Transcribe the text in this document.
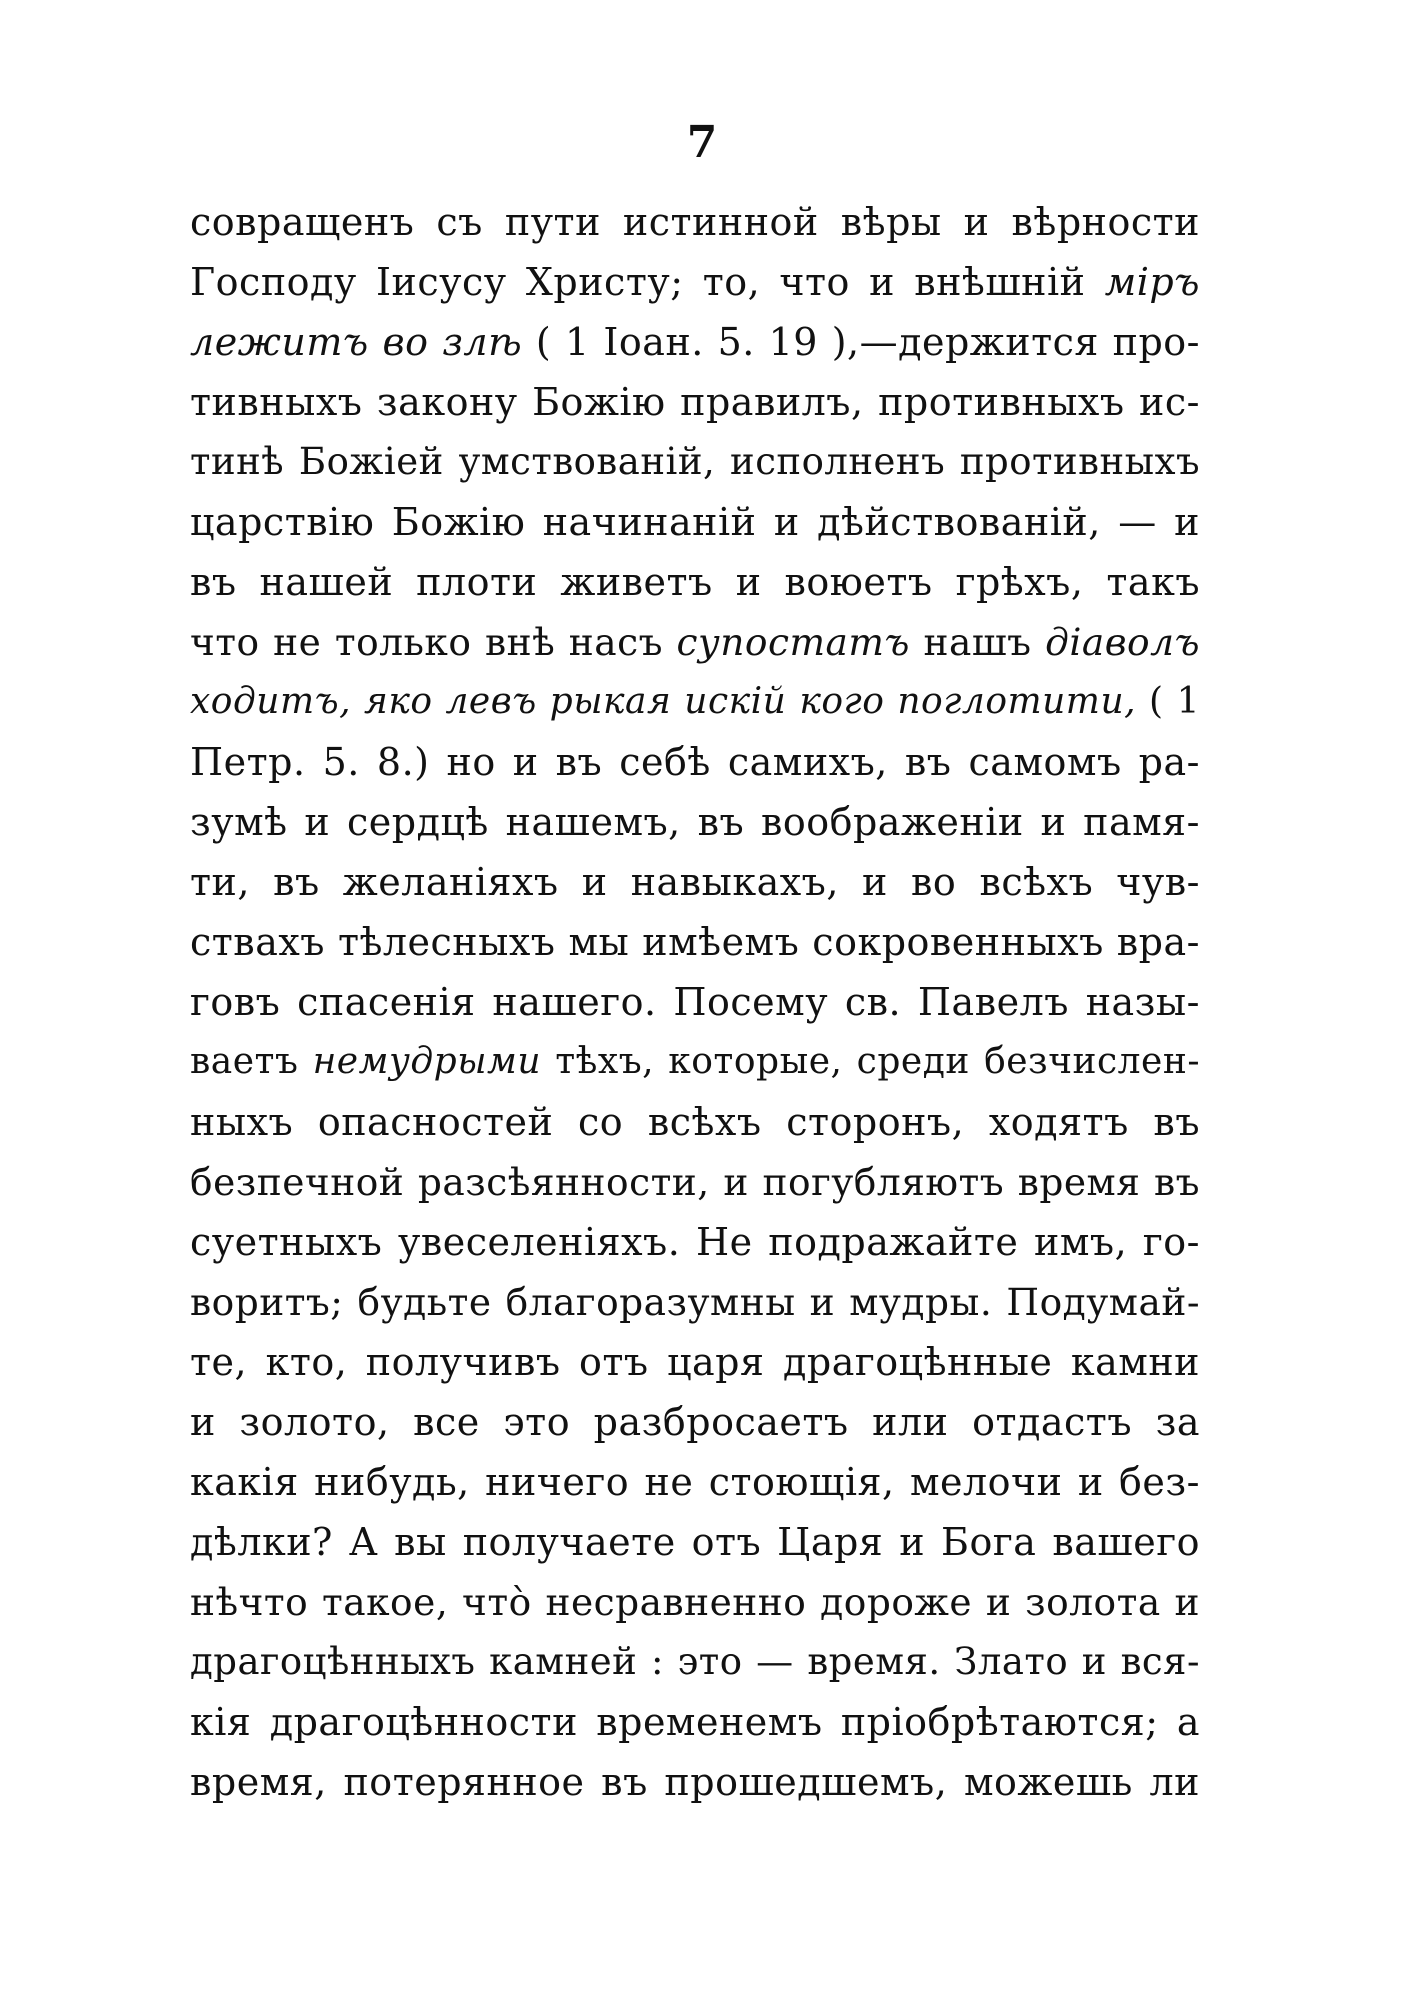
7
совращенъ съ пути истинной вѣры и вѣрности
Господу Іисусу Христу; то, что и внѣшній міръ
лежитъ во злѣ ( 1 Іоан. 5. 19 ),—держится про-
тивныхъ закону Божію правилъ, противныхъ ис-
тинѣ Божіей умствованій, исполненъ противныхъ
царствію Божію начинаній и дѣйствованій, — и
въ нашей плоти живетъ и воюетъ грѣхъ, такъ
что не только внѣ насъ супостатъ нашъ діаволъ
ходитъ, яко левъ рыкая искій кого поглотити, ( 1
Петр. 5. 8.) но и въ себѣ самихъ, въ самомъ ра-
зумѣ и сердцѣ нашемъ, въ воображеніи и памя-
ти, въ желаніяхъ и навыкахъ, и во всѣхъ чув-
ствахъ тѣлесныхъ мы имѣемъ сокровенныхъ вра-
говъ спасенія нашего. Посему св. Павелъ назы-
ваетъ немудрыми тѣхъ, которые, среди безчислен-
ныхъ опасностей со всѣхъ сторонъ, ходятъ въ
безпечной разсѣянности, и погубляютъ время въ
суетныхъ увеселеніяхъ. Не подражайте имъ, го-
воритъ; будьте благоразумны и мудры. Подумай-
те, кто, получивъ отъ царя драгоцѣнные камни
и золото, все это разбросаетъ или отдастъ за
какія нибудь, ничего не стоющія, мелочи и без-
дѣлки? А вы получаете отъ Царя и Бога вашего
нѣчто такое, что̀ несравненно дороже и золота и
драгоцѣнныхъ камней : это — время. Злато и вся-
кія драгоцѣнности временемъ пріобрѣтаются; а
время, потерянное въ прошедшемъ, можешь ли
